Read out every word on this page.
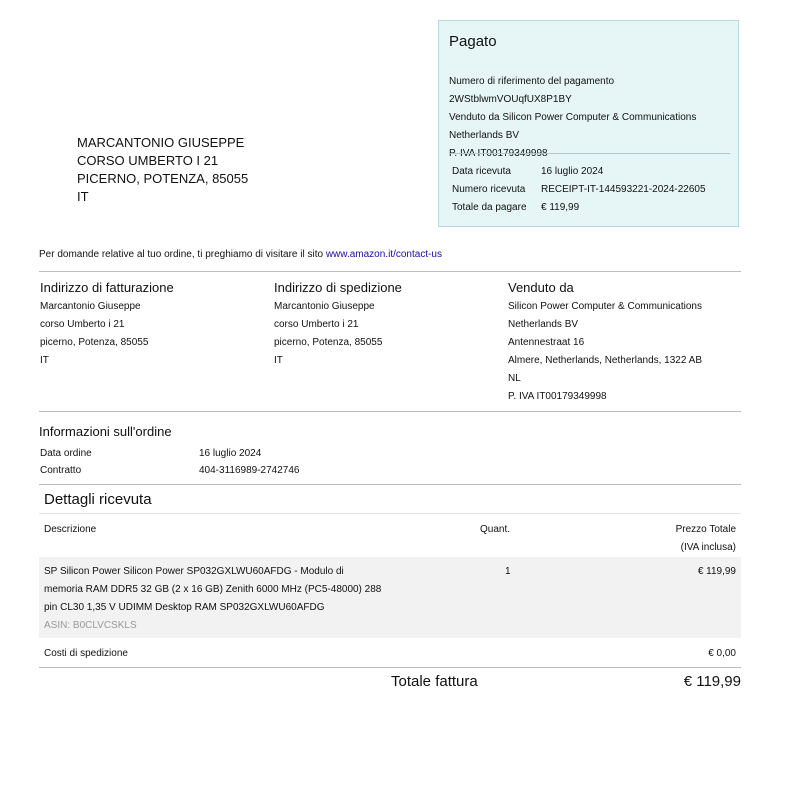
Pagato
Numero di riferimento del pagamento
2WStblwmVOUqfUX8P1BY
Venduto da Silicon Power Computer & Communications
Netherlands BV
P. IVA IT00179349998
Data ricevuta	16 luglio 2024
Numero ricevuta	RECEIPT-IT-144593221-2024-22605
Totale da pagare	€ 119,99
MARCANTONIO GIUSEPPE
CORSO UMBERTO I 21
PICERNO, POTENZA, 85055
IT
Per domande relative al tuo ordine, ti preghiamo di visitare il sito www.amazon.it/contact-us
Indirizzo di fatturazione
Marcantonio Giuseppe
corso Umberto i 21
picerno, Potenza, 85055
IT
Indirizzo di spedizione
Marcantonio Giuseppe
corso Umberto i 21
picerno, Potenza, 85055
IT
Venduto da
Silicon Power Computer & Communications
Netherlands BV
Antennestraat 16
Almere, Netherlands, Netherlands, 1322 AB
NL
P. IVA IT00179349998
Informazioni sull'ordine
Data ordine	16 luglio 2024
Contratto	404-3116989-2742746
Dettagli ricevuta
Descrizione	Quant.	Prezzo Totale
(IVA inclusa)
SP Silicon Power Silicon Power SP032GXLWU60AFDG - Modulo di
memoria RAM DDR5 32 GB (2 x 16 GB) Zenith 6000 MHz (PC5-48000) 288
pin CL30 1,35 V UDIMM Desktop RAM SP032GXLWU60AFDG
ASIN: B0CLVCSKLS
1	€ 119,99
Costi di spedizione	€ 0,00
Totale fattura	€ 119,99
